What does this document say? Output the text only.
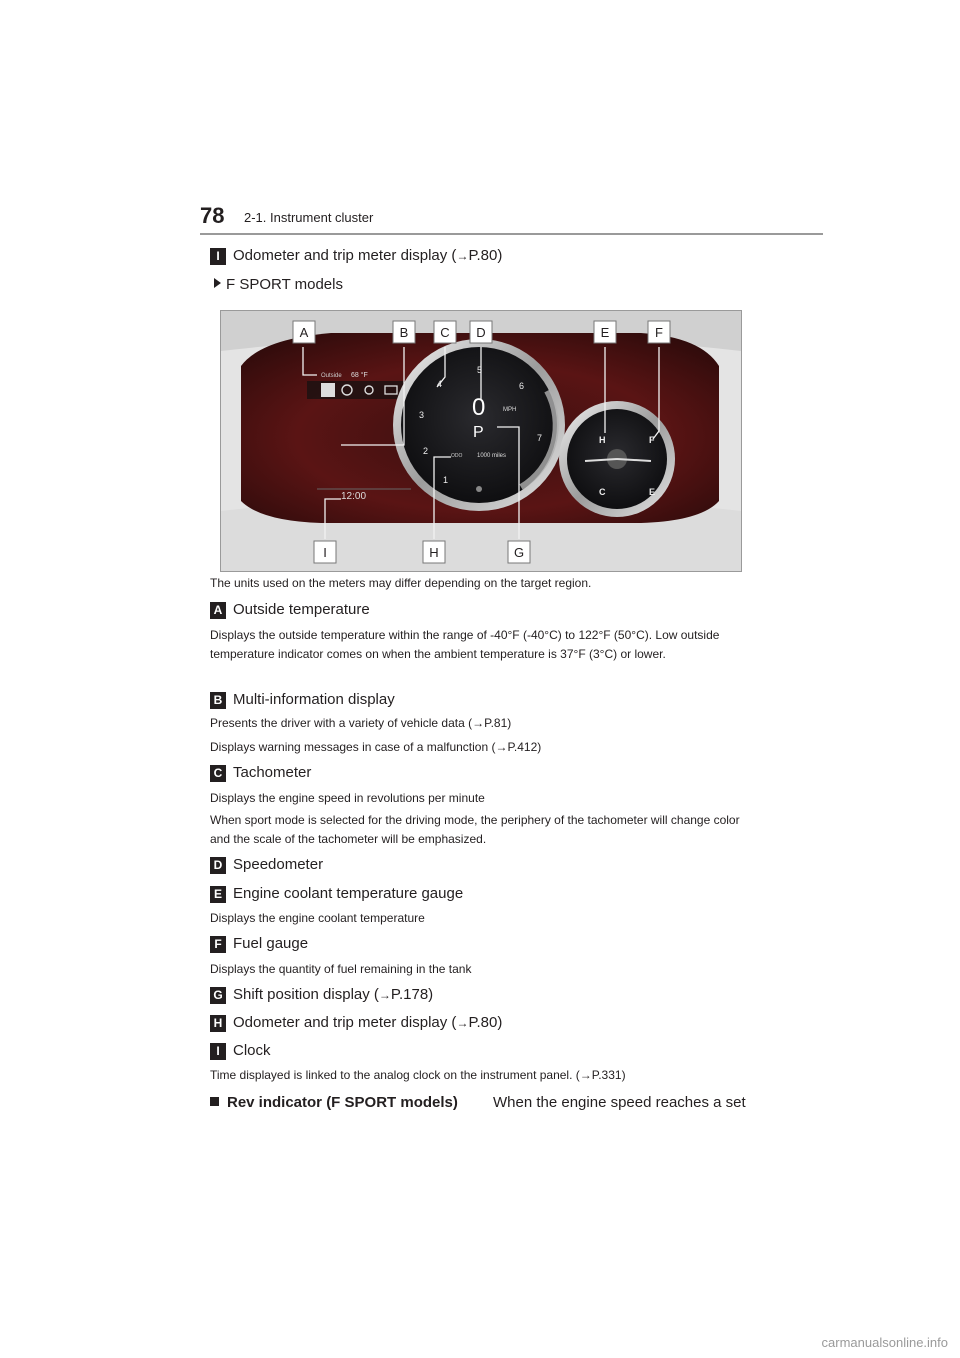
78 2-1. Instrument cluster
I Odometer and trip meter display (→P.80)
F SPORT models
Outside 68 °F
12:00
1
2
3
4
5
6
7
0	MPH
P
ODO 1000 miles
H
C
F
E
A	B C D	E	F
I	H	G
The units used on the meters may differ depending on the target region.
A Outside temperature
Displays the outside temperature within the range of -40°F (-40°C) to 122°F (50°C). Low outside temperature indicator comes on when the ambient temperature is 37°F (3°C) or lower.
B Multi-information display
Presents the driver with a variety of vehicle data (→P.81)
Displays warning messages in case of a malfunction (→P.412)
C Tachometer
Displays the engine speed in revolutions per minute
When sport mode is selected for the driving mode, the periphery of the tachometer will change color and the scale of the tachometer will be emphasized.
D Speedometer
E Engine coolant temperature gauge
Displays the engine coolant temperature
F Fuel gauge
Displays the quantity of fuel remaining in the tank
G Shift position display (→P.178)
H Odometer and trip meter display (→P.80)
I Clock
Time displayed is linked to the analog clock on the instrument panel. (→P.331)
Rev indicator (F SPORT models) When the engine speed reaches a set
carmanualsonline.info
